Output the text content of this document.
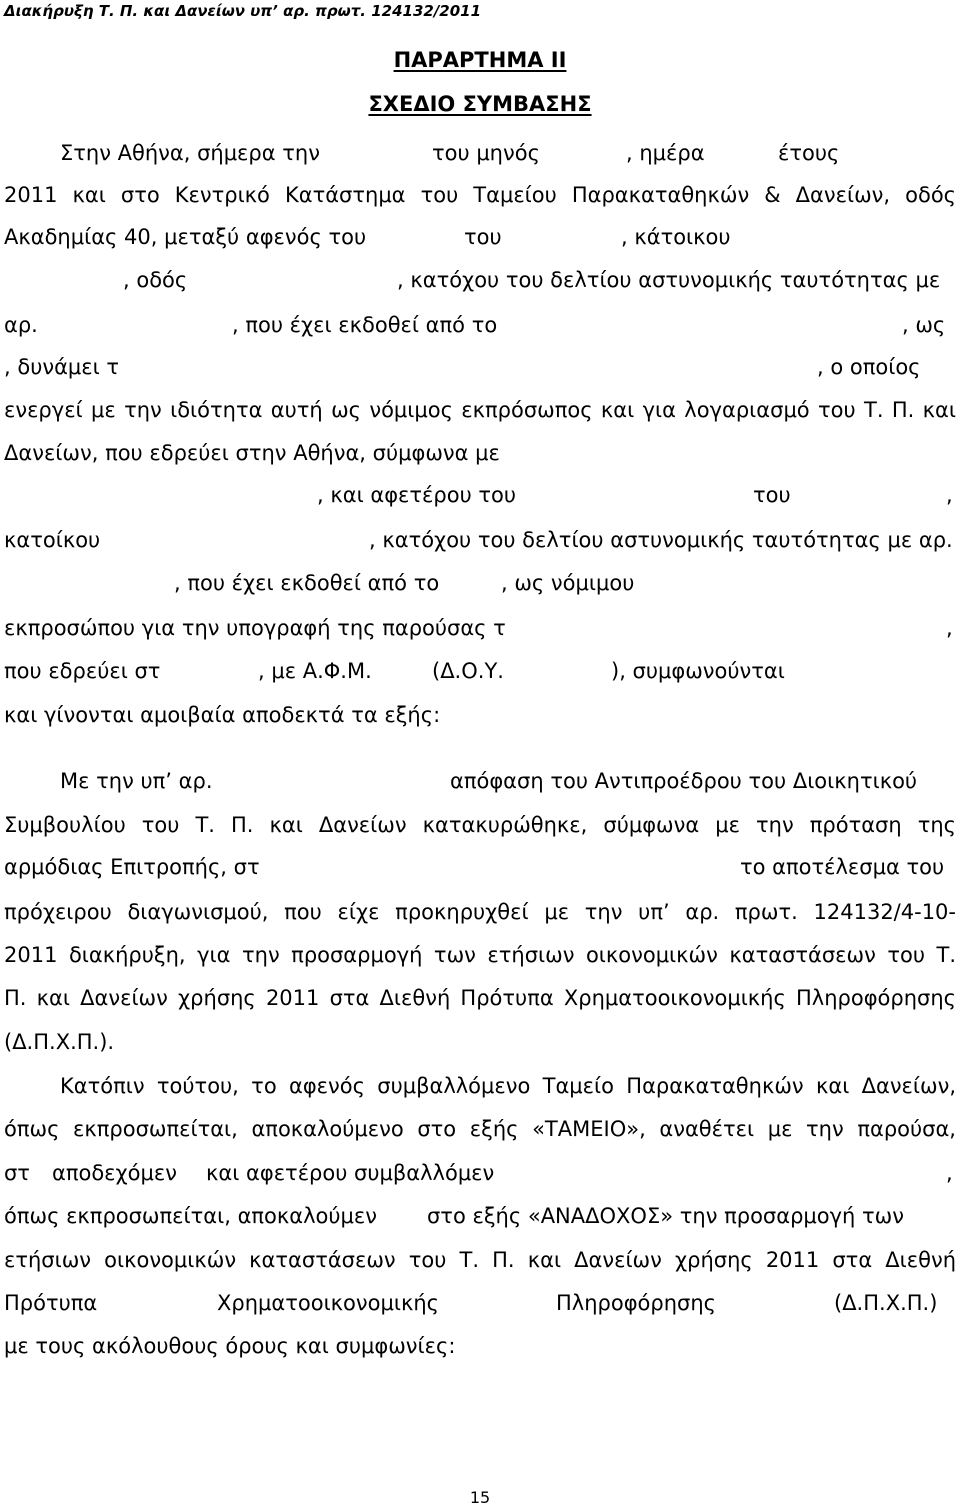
Διακήρυξη Τ. Π. και Δανείων υπ’ αρ. πρωτ. 124132/2011
ΠΑΡΑΡΤΗΜΑ ΙΙ
ΣΧΕΔΙΟ ΣΥΜΒΑΣΗΣ
Στην Αθήνα, σήμερα την	του μηνός	, ημέρα	έτους
2011 και στο Κεντρικό Κατάστημα του Ταμείου Παρακαταθηκών & Δανείων, οδός
Ακαδημίας 40, μεταξύ αφενός του	του	, κάτοικου
, οδός	, κατόχου του δελτίου αστυνομικής ταυτότητας με
αρ.	, που έχει εκδοθεί από το	, ως
, δυνάμει τ	, ο οποίος
ενεργεί με την ιδιότητα αυτή ως νόμιμος εκπρόσωπος και για λογαριασμό του Τ. Π. και
Δανείων, που εδρεύει στην Αθήνα, σύμφωνα με
, και αφετέρου του	του	,
κατοίκου	, κατόχου του δελτίου αστυνομικής ταυτότητας με αρ.
, που έχει εκδοθεί από το	, ως νόμιμου
εκπροσώπου για την υπογραφή της παρούσας τ	,
που εδρεύει στ	, με Α.Φ.Μ.	(Δ.Ο.Υ.	), συμφωνούνται
και γίνονται αμοιβαία αποδεκτά τα εξής:
Με την υπ’ αρ.	απόφαση του Αντιπροέδρου του Διοικητικού
Συμβουλίου του Τ. Π. και Δανείων κατακυρώθηκε, σύμφωνα με την πρόταση της
αρμόδιας Επιτροπής, στ	το αποτέλεσμα του
πρόχειρου διαγωνισμού, που είχε προκηρυχθεί με την υπ’ αρ. πρωτ. 124132/4-10-
2011 διακήρυξη, για την προσαρμογή των ετήσιων οικονομικών καταστάσεων του Τ.
Π. και Δανείων χρήσης 2011 στα Διεθνή Πρότυπα Χρηματοοικονομικής Πληροφόρησης
(Δ.Π.Χ.Π.).
Κατόπιν τούτου, το αφενός συμβαλλόμενο Ταμείο Παρακαταθηκών και Δανείων,
όπως εκπροσωπείται, αποκαλούμενο στο εξής «ΤΑΜΕΙΟ», αναθέτει με την παρούσα,
στ αποδεχόμεν και αφετέρου συμβαλλόμεν	,
όπως εκπροσωπείται, αποκαλούμεν στο εξής «ΑΝΑΔΟΧΟΣ» την προσαρμογή των
ετήσιων οικονομικών καταστάσεων του Τ. Π. και Δανείων χρήσης 2011 στα Διεθνή
Πρότυπα	Χρηματοοικονομικής	Πληροφόρησης	(Δ.Π.Χ.Π.)
με τους ακόλουθους όρους και συμφωνίες:
15
